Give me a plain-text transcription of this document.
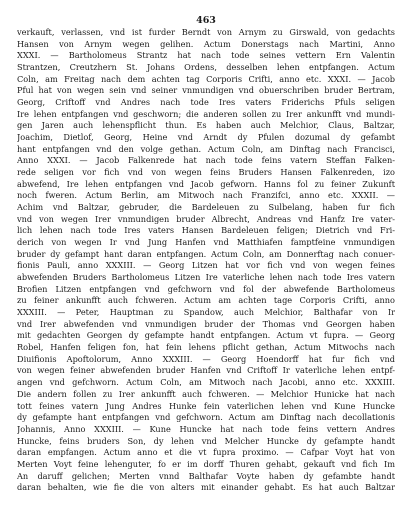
463
verkauft, verlassen, vnd ist furder Berndt von Arnym zu Girswald, von gedachts
Hansen von Arnym wegen gelihen. Actum Donerstags nach Martini, Anno
XXXI. — Bartholomeus Strantz hat nach tode seines vettern Ern Valentin
Strantzen, Creutzhern St. Johans Ordens, desselben lehen entpfangen. Actum
Coln, am Freitag nach dem achten tag Corporis Crifti, anno etc. XXXI. — Jacob
Pful hat von wegen sein vnd seiner vnmundigen vnd obuerschriben bruder Bertram,
Georg, Criftoff vnd Andres nach tode Ires vaters Friderichs Pfuls seligen
Ire lehen entpfangen vnd geschworn; die anderen sollen zu Irer ankunfft vnd mundi-
gen Jaren auch lehenspflicht thun. Es haben auch Melchior, Claus, Baltzar,
Joachim, Dietlof, Georg, Heine vnd Arndt dy Pfulen dozumal dy gefambt
hant entpfangen vnd den volge gethan. Actum Coln, am Dinftag nach Francisci,
Anno XXXI. — Jacob Falkenrede hat nach tode feins vatern Steffan Falken-
rede seligen vor fich vnd von wegen feins Bruders Hansen Falkenreden, izo
abwefend, Ire lehen entpfangen vnd Jacob gefworn. Hanns fol zu feiner Zukunft
noch fweren. Actum Berlin, am Mitwoch nach Franzifci, anno etc. XXXII. —
Achim vnd Baltzar, gebruder, die Bardeleuen zu Sulbelang, haben fur fich
vnd von wegen Irer vnmundigen bruder Albrecht, Andreas vnd Hanfz Ire vater-
lich lehen nach tode Ires vaters Hansen Bardeleuen feligen; Dietrich vnd Fri-
derich von wegen Ir vnd Jung Hanfen vnd Matthiafen famptfeine vnmundigen
bruder dy gefampt hant daran entpfangen. Actum Coln, am Donnerftag nach conuer-
fionis Pauli, anno XXXIII. — Georg Litzen hat vor fich vnd von wegen feines
abwefenden Bruders Bartholomeus Litzen Ire vaterliche lehen nach tode Ires vatern
Brofien Litzen entpfangen vnd gefchworn vnd fol der abwefende Bartholomeus
zu feiner ankunfft auch fchweren. Actum am achten tage Corporis Crifti, anno
XXXIII. — Peter, Hauptman zu Spandow, auch Melchior, Balthafar von Ir
vnd Irer abwefenden vnd vnmundigen bruder der Thomas vnd Georgen haben
mit gedachten Georgen dy gefampte handt entpfangen. Actum vt fupra. — Georg
Robel, Hanfen feligen fon, hat fein lehens pflicht gethan, Actum Mitwochs nach
Diuifionis Apoftolorum, Anno XXXIII. — Georg Hoendorff hat fur fich vnd
von wegen feiner abwefenden bruder Hanfen vnd Criftoff Ir vaterliche lehen entpf-
angen vnd gefchworn. Actum Coln, am Mitwoch nach Jacobi, anno etc. XXXIII.
Die andern follen zu Irer ankunfft auch fchweren. — Melchior Hunicke hat nach
tott feines vatern Jung Andres Hunke fein vaterlichen lehen vnd Kune Huncke
dy gefampte hant entpfangen vnd gefchworn. Actum am Dinftag nach decollationis
Johannis, Anno XXXIII. — Kune Huncke hat nach tode feins vettern Andres
Huncke, feins bruders Son, dy lehen vnd Melcher Huncke dy gefampte handt
daran empfangen. Actum anno et die vt fupra proximo. — Cafpar Voyt hat von
Merten Voyt feine lehenguter, fo er im dorff Thuren gehabt, gekauft vnd fich Im
An daruff gelichen; Merten vnnd Balthafar Voyte haben dy gefambte handt
daran behalten, wie fie die von alters mit einander gehabt. Es hat auch Baltzar
